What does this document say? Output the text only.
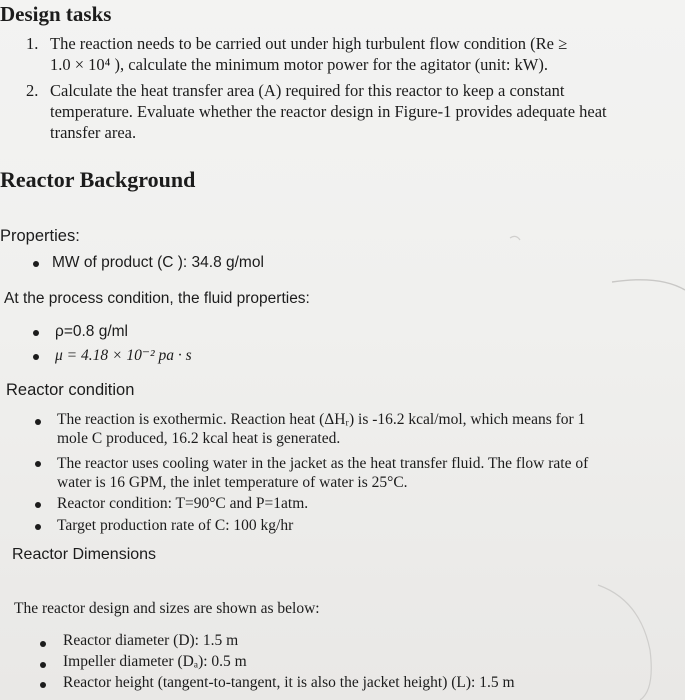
Design tasks
1. The reaction needs to be carried out under high turbulent flow condition (Re ≥
1.0 × 10⁴ ), calculate the minimum motor power for the agitator (unit: kW).
2. Calculate the heat transfer area (A) required for this reactor to keep a constant
temperature. Evaluate whether the reactor design in Figure-1 provides adequate heat
transfer area.
Reactor Background
Properties:
MW of product (C ): 34.8 g/mol
At the process condition, the fluid properties:
ρ=0.8 g/ml
μ = 4.18 × 10⁻² pa · s
Reactor condition
The reaction is exothermic. Reaction heat (ΔHᵣ) is -16.2 kcal/mol, which means for 1
mole C produced, 16.2 kcal heat is generated.
The reactor uses cooling water in the jacket as the heat transfer fluid. The flow rate of
water is 16 GPM, the inlet temperature of water is 25°C.
Reactor condition: T=90°C and P=1atm.
Target production rate of C: 100 kg/hr
Reactor Dimensions
The reactor design and sizes are shown as below:
Reactor diameter (D): 1.5 m
Impeller diameter (Dₐ): 0.5 m
Reactor height (tangent-to-tangent, it is also the jacket height) (L): 1.5 m
